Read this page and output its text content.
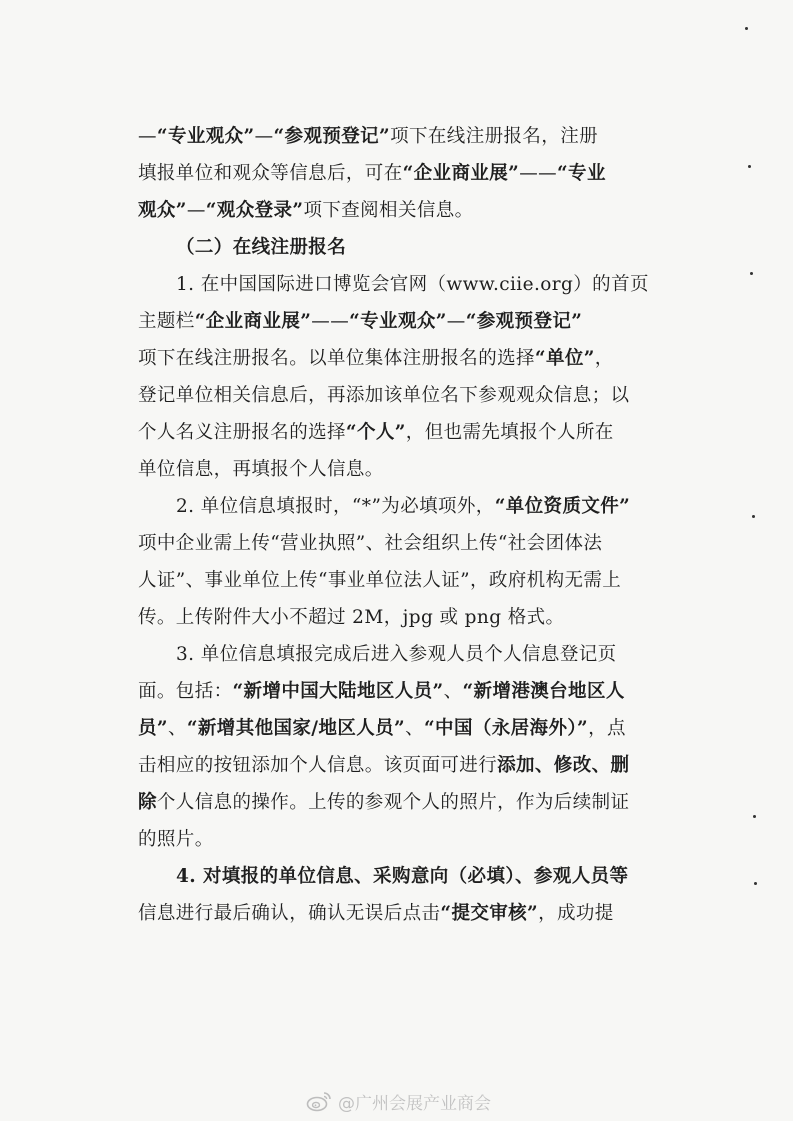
—“专业观众”—“参观预登记”项下在线注册报名，注册
填报单位和观众等信息后，可在“企业商业展”——“专业
观众”—“观众登录”项下查阅相关信息。
（二）在线注册报名
1. 在中国国际进口博览会官网（www.ciie.org）的首页
主题栏“企业商业展”——“专业观众”—“参观预登记”
项下在线注册报名。以单位集体注册报名的选择“单位”，
登记单位相关信息后，再添加该单位名下参观观众信息；以
个人名义注册报名的选择“个人”，但也需先填报个人所在
单位信息，再填报个人信息。
2. 单位信息填报时，“*”为必填项外，“单位资质文件”
项中企业需上传“营业执照”、社会组织上传“社会团体法
人证”、事业单位上传“事业单位法人证”，政府机构无需上
传。上传附件大小不超过 2M，jpg 或 png 格式。
3. 单位信息填报完成后进入参观人员个人信息登记页
面。包括：“新增中国大陆地区人员”、“新增港澳台地区人
员”、“新增其他国家/地区人员”、“中国（永居海外）”，点
击相应的按钮添加个人信息。该页面可进行添加、修改、删
除个人信息的操作。上传的参观个人的照片，作为后续制证
的照片。
4. 对填报的单位信息、采购意向（必填）、参观人员等
信息进行最后确认，确认无误后点击“提交审核”，成功提
@广州会展产业商会
